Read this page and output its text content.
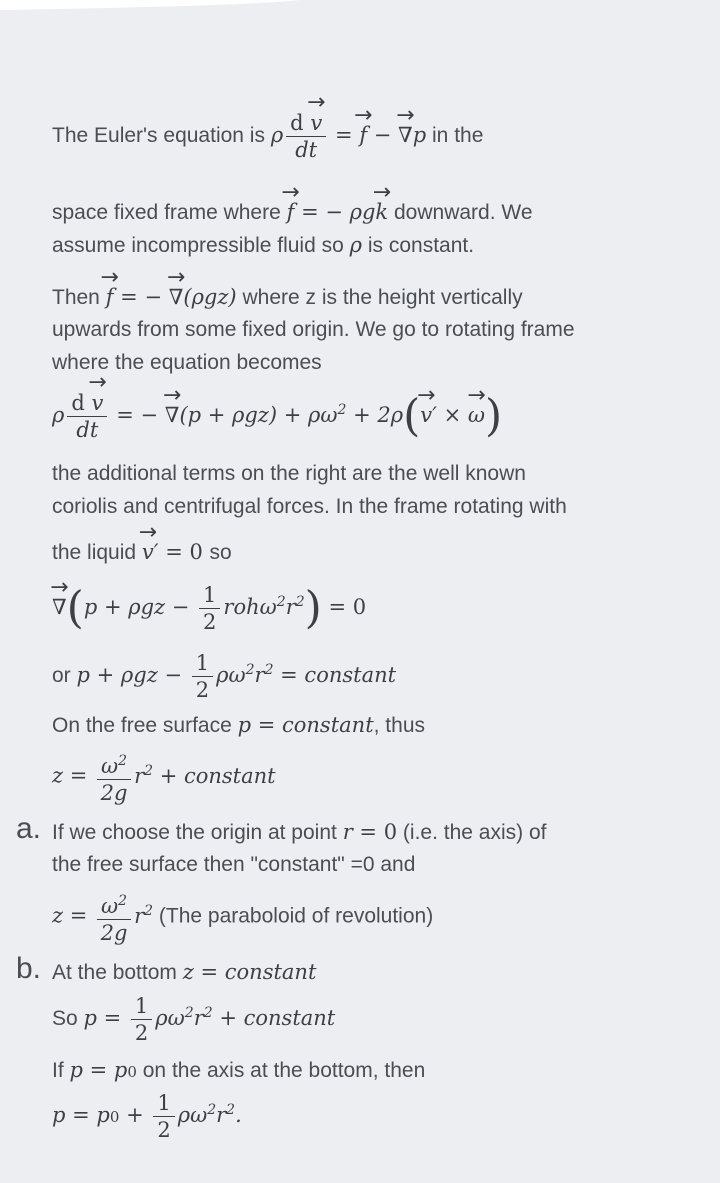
The Euler's equation is ρ $\frac{d \to v}{dt}$ = → f − → ∇p in the
space fixed frame where → f = − ρg→ k downward. We
assume incompressible fluid so ρ is constant.
Then → f = − → ∇(ρgz) where z is the height vertically
upwards from some fixed origin. We go to rotating frame
where the equation becomes
ρ $\frac{d \to v}{dt}$ = − → $\nabla(p + \rho gz) + \rho\omega^2 + 2\rho(\to v'$ × → ω)
the additional terms on the right are the well known
coriolis and centrifugal forces. In the frame rotating with
the liquid → v′ = 0 so
→ $\nabla(p + \rho gz - \frac{1}{2} roh\omega^2r^2) = 0$
or $p + \rho gz - \frac{1}{2} \rho\omega^2r^2$ = constant
On the free surface p = constant, thus
$z = \frac{\omega^2}{2g} r^2$ + constant
a. If we choose the origin at point r = 0 (i.e. the axis) of
the free surface then "constant" =0 and
$z = \frac{\omega^2}{2g} r^2$ (The paraboloid of revolution)
b. At the bottom z = constant
So $p = \frac{1}{2} \rho\omega^2r^2$ + constant
If p = p0 on the axis at the bottom, then
$p = p0 + \frac{1}{2} \rho\omega^2r^2$.
